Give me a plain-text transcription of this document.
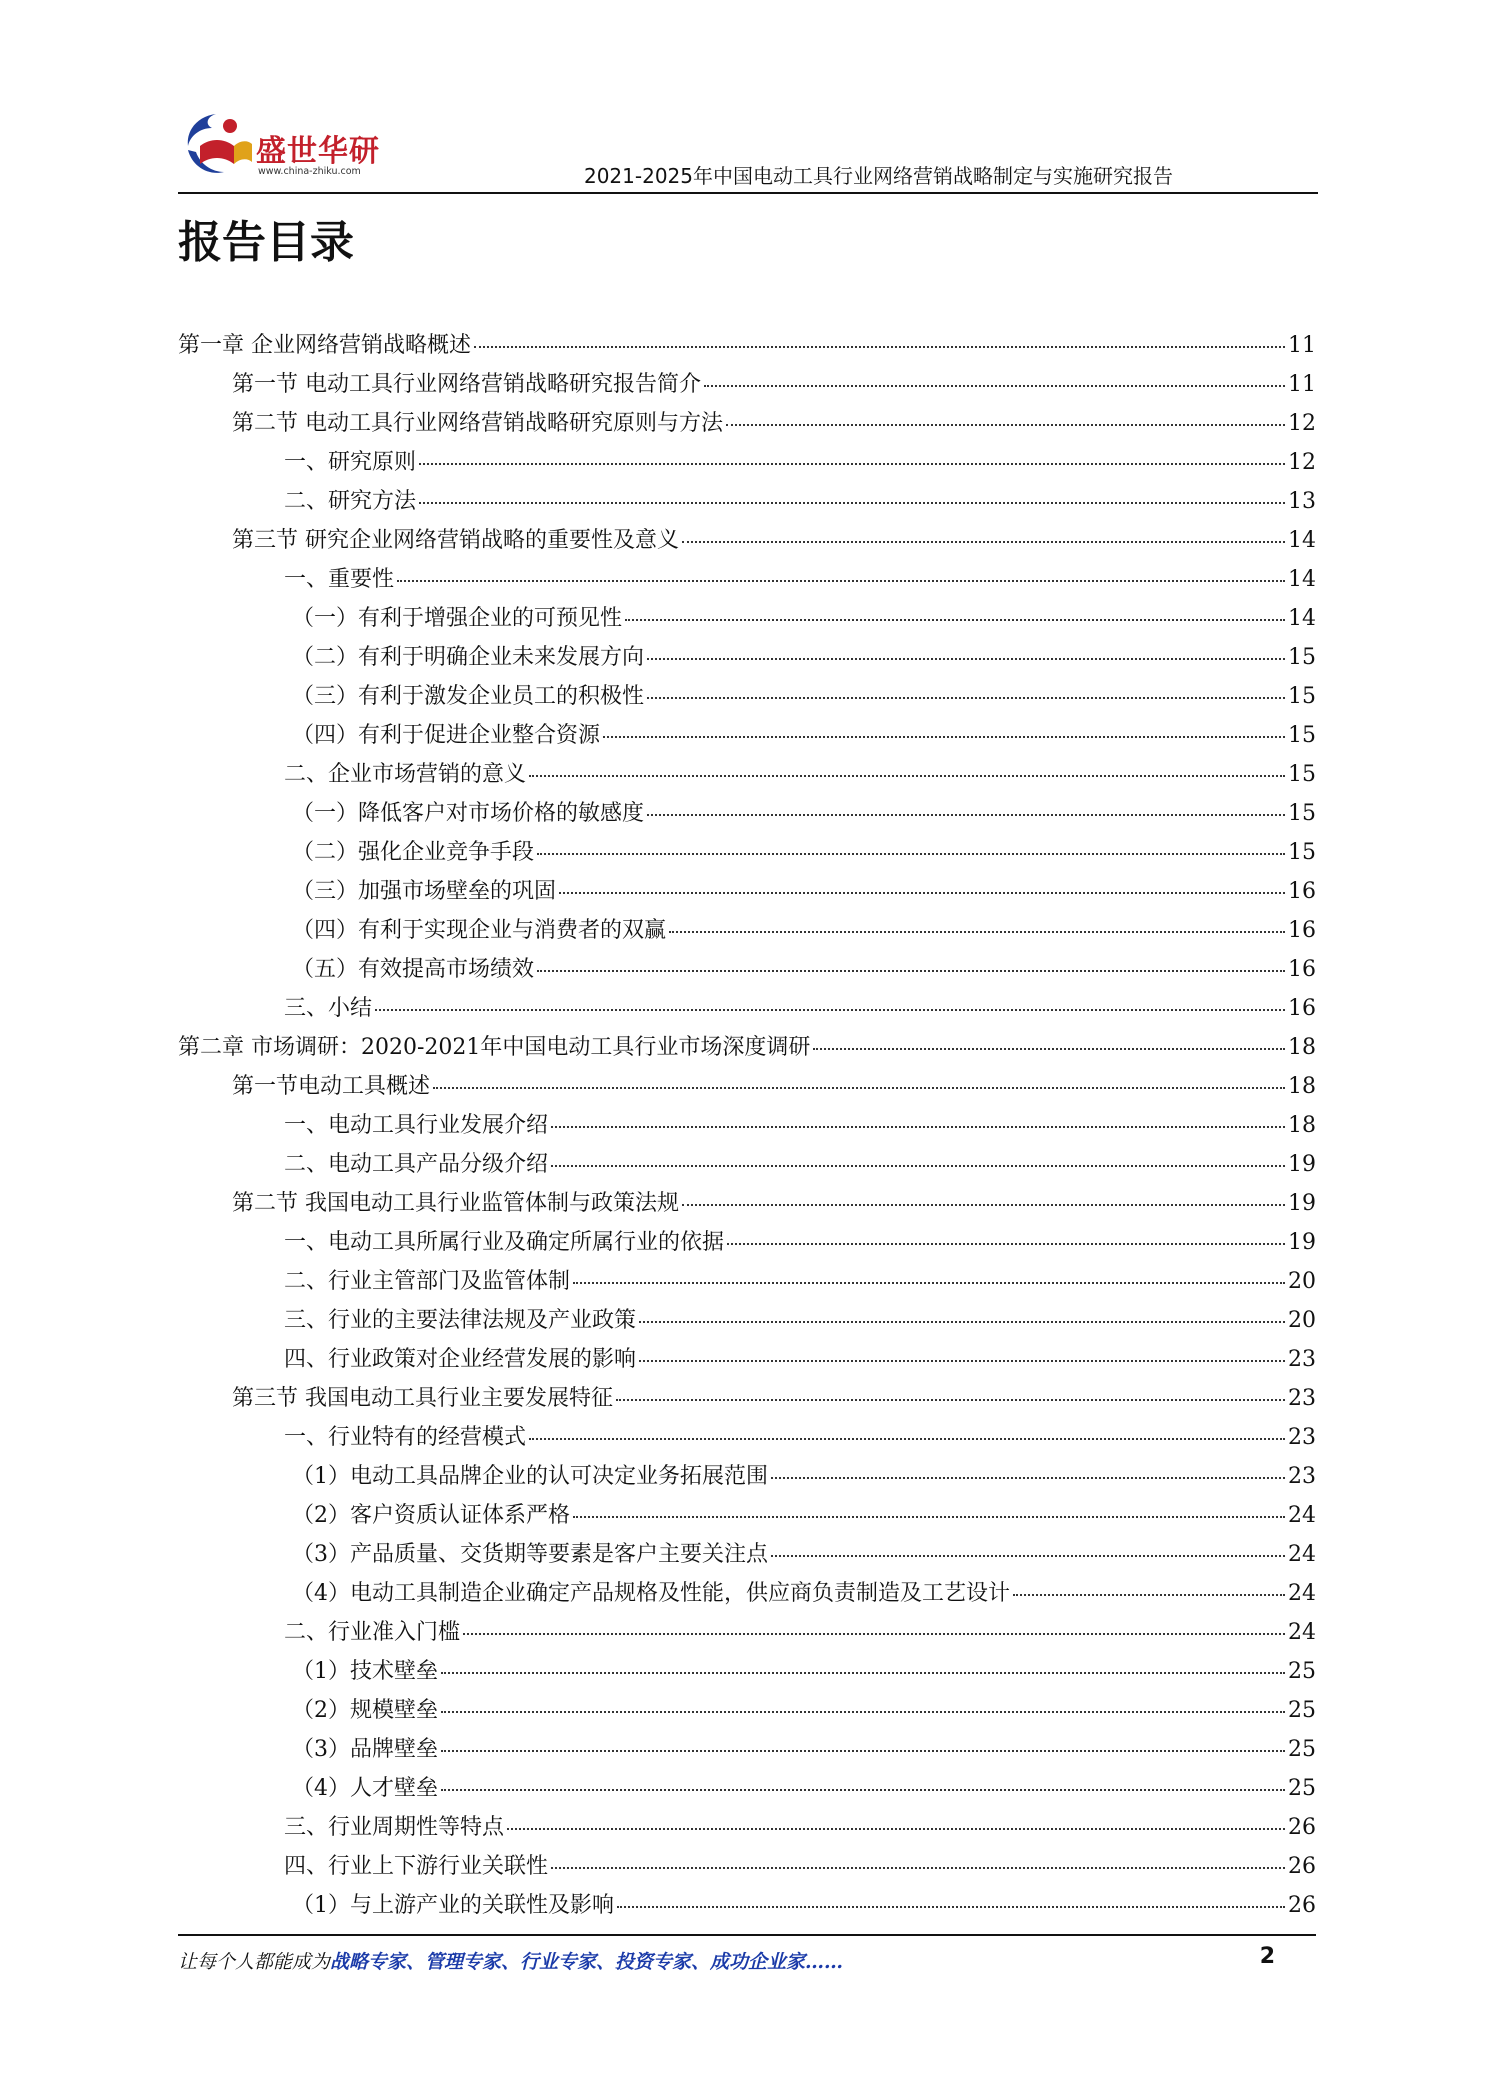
盛世华研
www.china-zhiku.com	2021-2025年中国电动工具行业网络营销战略制定与实施研究报告
报告目录
第一章 企业网络营销战略概述	11
第一节 电动工具行业网络营销战略研究报告简介	11
第二节 电动工具行业网络营销战略研究原则与方法	12
一、研究原则	12
二、研究方法	13
第三节 研究企业网络营销战略的重要性及意义	14
一、重要性	14
（一）有利于增强企业的可预见性	14
（二）有利于明确企业未来发展方向	15
（三）有利于激发企业员工的积极性	15
（四）有利于促进企业整合资源	15
二、企业市场营销的意义	15
（一）降低客户对市场价格的敏感度	15
（二）强化企业竞争手段	15
（三）加强市场壁垒的巩固	16
（四）有利于实现企业与消费者的双赢	16
（五）有效提高市场绩效	16
三、小结	16
第二章 市场调研：2020-2021年中国电动工具行业市场深度调研	18
第一节电动工具概述	18
一、电动工具行业发展介绍	18
二、电动工具产品分级介绍	19
第二节 我国电动工具行业监管体制与政策法规	19
一、电动工具所属行业及确定所属行业的依据	19
二、行业主管部门及监管体制	20
三、行业的主要法律法规及产业政策	20
四、行业政策对企业经营发展的影响	23
第三节 我国电动工具行业主要发展特征	23
一、行业特有的经营模式	23
（1）电动工具品牌企业的认可决定业务拓展范围	23
（2）客户资质认证体系严格	24
（3）产品质量、交货期等要素是客户主要关注点	24
（4）电动工具制造企业确定产品规格及性能，供应商负责制造及工艺设计	24
二、行业准入门槛	24
（1）技术壁垒	25
（2）规模壁垒	25
（3）品牌壁垒	25
（4）人才壁垒	25
三、行业周期性等特点	26
四、行业上下游行业关联性	26
（1）与上游产业的关联性及影响	26
让每个人都能成为战略专家、管理专家、行业专家、投资专家、成功企业家……	2
